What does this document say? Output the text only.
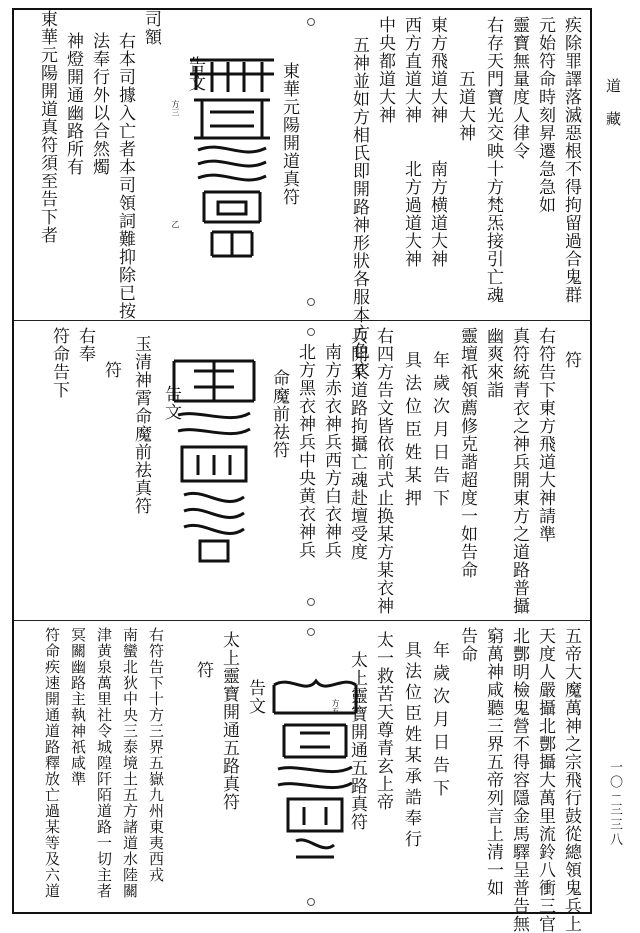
道藏
一〇ㄧ三三八
疾除罪譯落滅惡根不得拘留過合鬼群
元始符命時刻昇遷急急如
靈寶無量度人律令
右存天門寶光交映十方梵炁接引亡魂
五道大神
東方飛道大神
西方直道大神
中央都道大神
南方横道大神
北方過道大神
五神並如方相氏即開路神形狀各服本方色衣
東華元陽開道真符
告文
方三
乙
司額
右本司據入亡者本司領詞難抑除已按
法奉行外以合然燭
神燈開通幽路所有
東華元陽開道真符須至告下者
符
右符告下東方飛道大神請準
真符統青衣之神兵開東方之道路普攝
幽爽來詣
靈壇祇領薦修克諧超度一如告命
年歲次月日告下
具法位臣姓某押
右四方告文皆依前式止换某方某衣神
兵開某道路拘攝亡魂赴壇受度
南方赤衣神兵西方白衣神兵
北方黑衣神兵中央黄衣神兵
命魔前祛符
告文
玉清神霄命魔前祛真符
符
右奉
符命告下
五帝大魔萬神之宗飛行鼓從總領鬼兵上
天度人嚴攝北酆攝大萬里流鈴八衝三官
北酆明檢鬼營不得容隱金馬驛呈普告無
窮萬神咸聽三界五帝列言上清一如
告命
年歲次月日告下
具法位臣姓某承誥奉行
太一救苦天尊青玄上帝
太上靈寶開通五路真符
方五
告文
太上靈寶開通五路真符
符
右符告下十方三界五嶽九州東夷西戎
南蠻北狄中央三泰境土五方諸道水陸關
津黄泉萬里社令城隍阡陌道路一切主者
冥關幽路主執神祇咸準
符命疾速開通道路釋放亡過某等及六道
